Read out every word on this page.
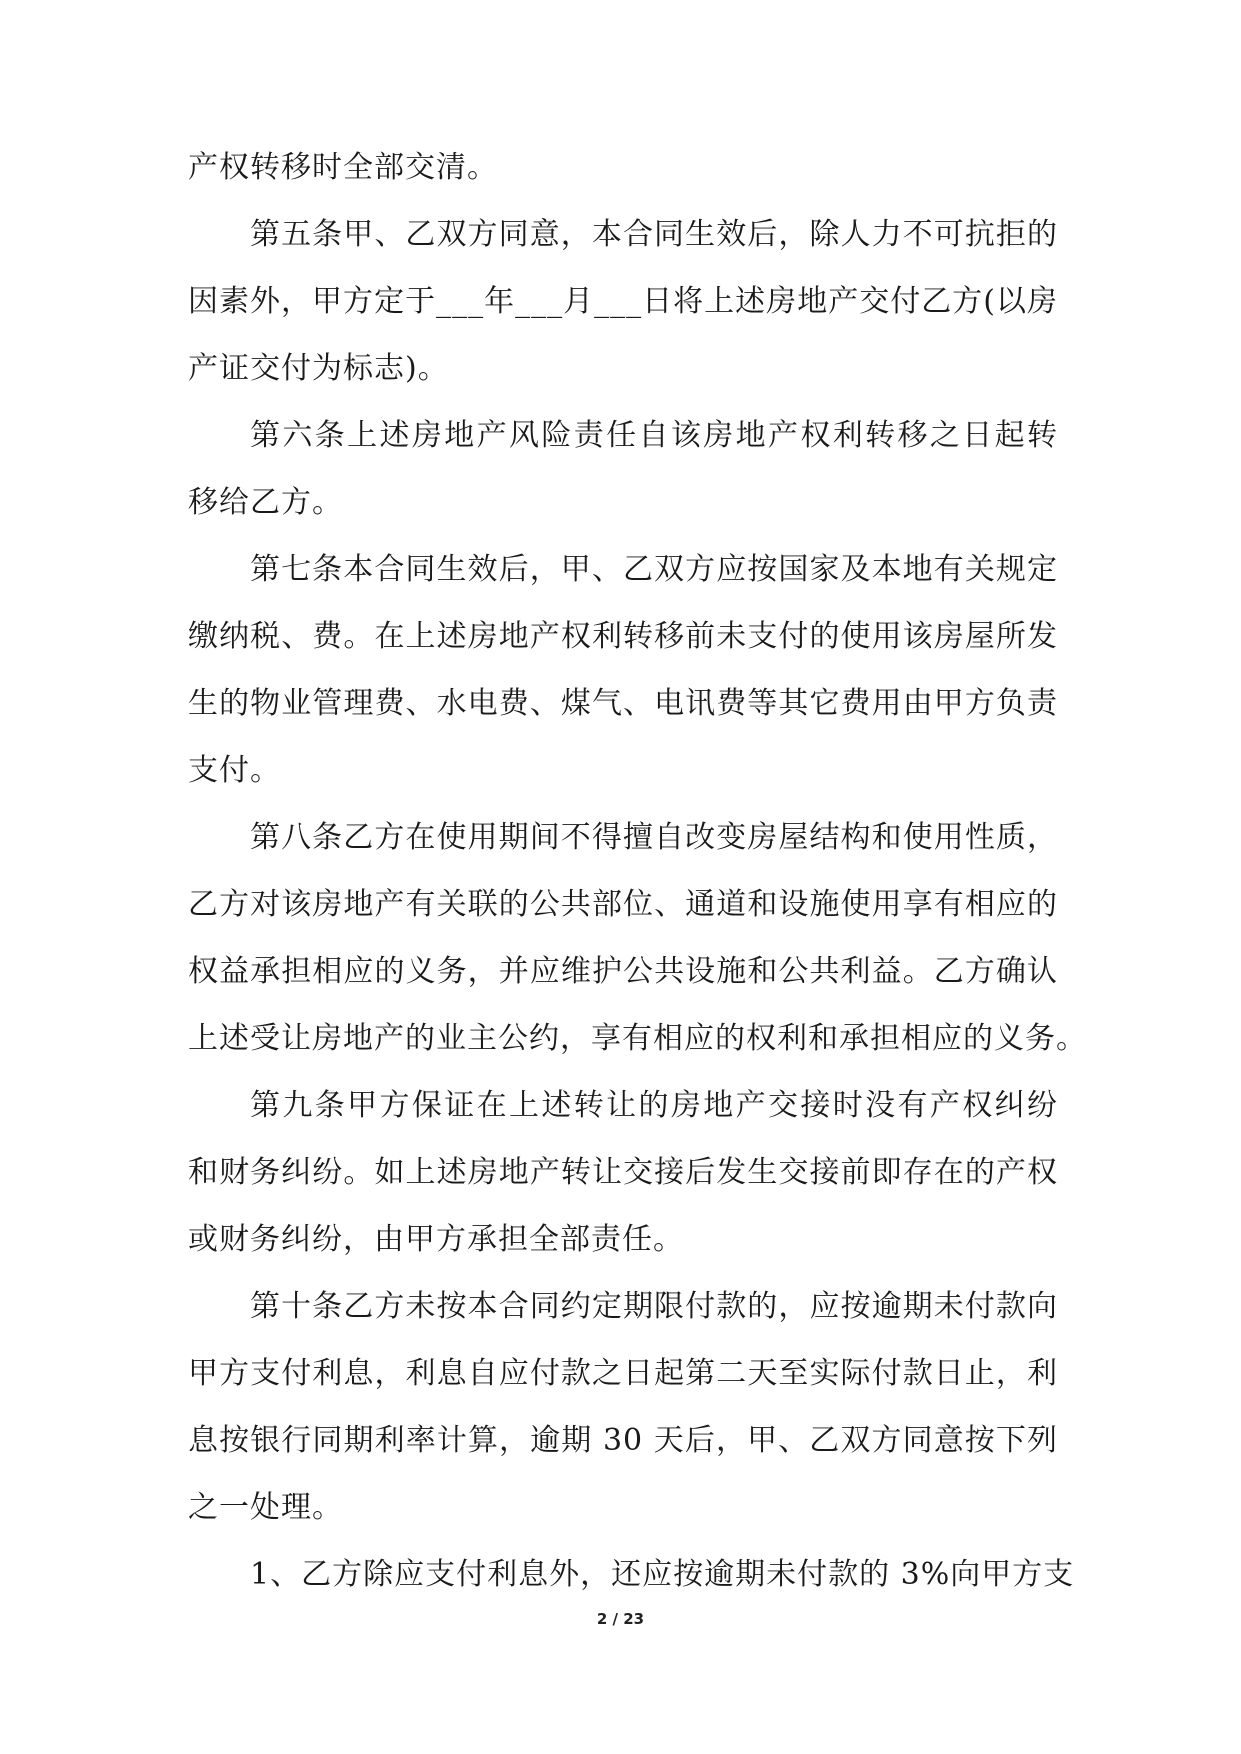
产权转移时全部交清。
第五条甲、乙双方同意，本合同生效后，除人力不可抗拒的
因素外，甲方定于___年___月___日将上述房地产交付乙方(以房
产证交付为标志)。
第六条上述房地产风险责任自该房地产权利转移之日起转
移给乙方。
第七条本合同生效后，甲、乙双方应按国家及本地有关规定
缴纳税、费。在上述房地产权利转移前未支付的使用该房屋所发
生的物业管理费、水电费、煤气、电讯费等其它费用由甲方负责
支付。
第八条乙方在使用期间不得擅自改变房屋结构和使用性质，
乙方对该房地产有关联的公共部位、通道和设施使用享有相应的
权益承担相应的义务，并应维护公共设施和公共利益。乙方确认
上述受让房地产的业主公约，享有相应的权利和承担相应的义务。
第九条甲方保证在上述转让的房地产交接时没有产权纠纷
和财务纠纷。如上述房地产转让交接后发生交接前即存在的产权
或财务纠纷，由甲方承担全部责任。
第十条乙方未按本合同约定期限付款的，应按逾期未付款向
甲方支付利息，利息自应付款之日起第二天至实际付款日止，利
息按银行同期利率计算，逾期 30 天后，甲、乙双方同意按下列
之一处理。
1、乙方除应支付利息外，还应按逾期未付款的 3%向甲方支
2 / 23
